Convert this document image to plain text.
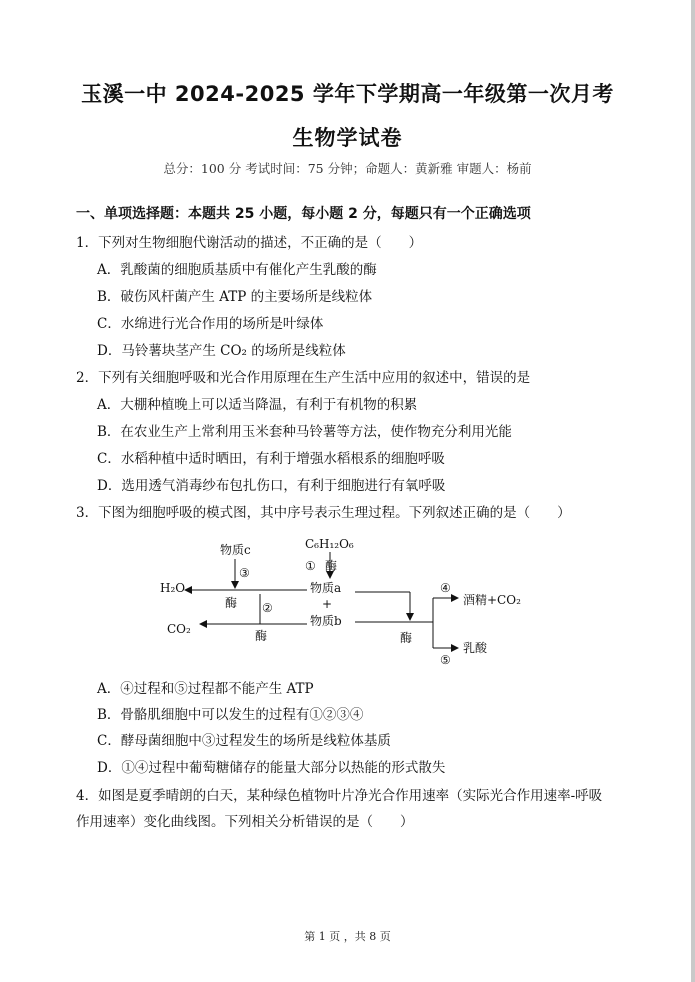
玉溪一中 2024-2025 学年下学期高一年级第一次月考
生物学试卷
总分：100 分 考试时间：75 分钟；命题人：黄新雅 审题人：杨前
一、单项选择题：本题共 25 小题，每小题 2 分，每题只有一个正确选项
1．下列对生物细胞代谢活动的描述，不正确的是（　　）
A．乳酸菌的细胞质基质中有催化产生乳酸的酶
B．破伤风杆菌产生 ATP 的主要场所是线粒体
C．水绵进行光合作用的场所是叶绿体
D．马铃薯块茎产生 CO₂ 的场所是线粒体
2．下列有关细胞呼吸和光合作用原理在生产生活中应用的叙述中，错误的是
A．大棚种植晚上可以适当降温，有利于有机物的积累
B．在农业生产上常利用玉米套种马铃薯等方法，使作物充分利用光能
C．水稻种植中适时晒田，有利于增强水稻根系的细胞呼吸
D．选用透气消毒纱布包扎伤口，有利于细胞进行有氧呼吸
3．下图为细胞呼吸的模式图，其中序号表示生理过程。下列叙述正确的是（　　）
物质c	C₆H₁₂O₆
① 酶
③
H₂O
酶 ②
物质a
+
物质b
CO₂	酶	酶
④
酒精+CO₂
⑤
乳酸
A．④过程和⑤过程都不能产生 ATP
B．骨骼肌细胞中可以发生的过程有①②③④
C．酵母菌细胞中③过程发生的场所是线粒体基质
D．①④过程中葡萄糖储存的能量大部分以热能的形式散失
4．如图是夏季晴朗的白天，某种绿色植物叶片净光合作用速率（实际光合作用速率-呼吸
作用速率）变化曲线图。下列相关分析错误的是（　　）
第 1 页 ，共 8 页
